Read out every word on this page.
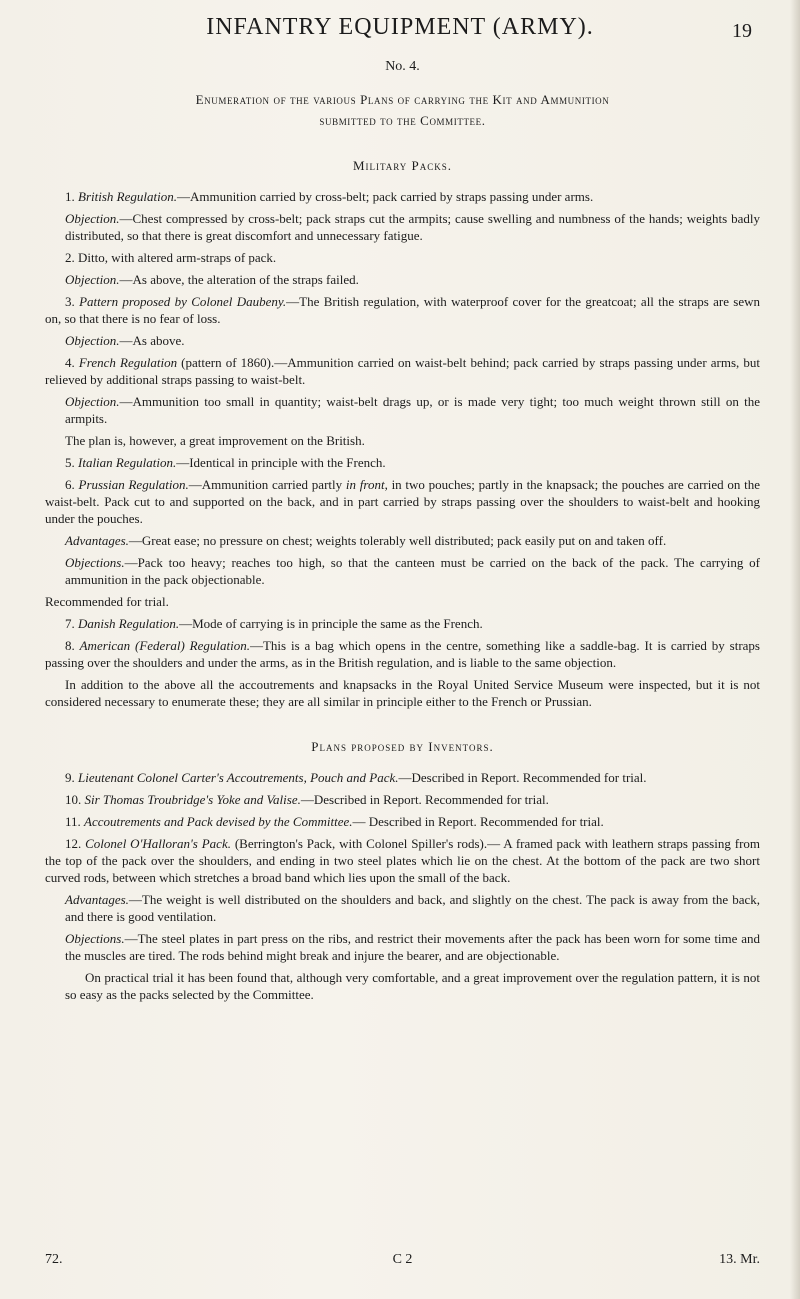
INFANTRY EQUIPMENT (ARMY).	19
No. 4.
Enumeration of the various Plans of carrying the Kit and Ammunition
submitted to the Committee.
Military Packs.

1. British Regulation.—Ammunition carried by cross-belt; pack carried by straps passing under arms.

Objection.—Chest compressed by cross-belt; pack straps cut the armpits; cause swelling and numbness of the hands; weights badly distributed, so that there is great discomfort and unnecessary fatigue.

2. Ditto, with altered arm-straps of pack.

Objection.—As above, the alteration of the straps failed.

3. Pattern proposed by Colonel Daubeny.—The British regulation, with waterproof cover for the greatcoat; all the straps are sewn on, so that there is no fear of loss.

Objection.—As above.

4. French Regulation (pattern of 1860).—Ammunition carried on waist-belt behind; pack carried by straps passing under arms, but relieved by additional straps passing to waist-belt.

Objection.—Ammunition too small in quantity; waist-belt drags up, or is made very tight; too much weight thrown still on the armpits.

The plan is, however, a great improvement on the British.

5. Italian Regulation.—Identical in principle with the French.

6. Prussian Regulation.—Ammunition carried partly in front, in two pouches; partly in the knapsack; the pouches are carried on the waist-belt. Pack cut to and supported on the back, and in part carried by straps passing over the shoulders to waist-belt and hooking under the pouches.

Advantages.—Great ease; no pressure on chest; weights tolerably well distributed; pack easily put on and taken off.

Objections.—Pack too heavy; reaches too high, so that the canteen must be carried on the back of the pack. The carrying of ammunition in the pack objectionable.

Recommended for trial.

7. Danish Regulation.—Mode of carrying is in principle the same as the French.

8. American (Federal) Regulation.—This is a bag which opens in the centre, something like a saddle-bag. It is carried by straps passing over the shoulders and under the arms, as in the British regulation, and is liable to the same objection.

In addition to the above all the accoutrements and knapsacks in the Royal United Service Museum were inspected, but it is not considered necessary to enumerate these; they are all similar in principle either to the French or Prussian.

Plans proposed by Inventors.

9. Lieutenant Colonel Carter's Accoutrements, Pouch and Pack.—Described in Report. Recommended for trial.

10. Sir Thomas Troubridge's Yoke and Valise.—Described in Report. Recommended for trial.

11. Accoutrements and Pack devised by the Committee.— Described in Report. Recommended for trial.

12. Colonel O'Halloran's Pack. (Berrington's Pack, with Colonel Spiller's rods).— A framed pack with leathern straps passing from the top of the pack over the shoulders, and ending in two steel plates which lie on the chest. At the bottom of the pack are two short curved rods, between which stretches a broad band which lies upon the small of the back.

Advantages.—The weight is well distributed on the shoulders and back, and slightly on the chest. The pack is away from the back, and there is good ventilation.

Objections.—The steel plates in part press on the ribs, and restrict their movements after the pack has been worn for some time and the muscles are tired. The rods behind might break and injure the bearer, and are objectionable.

On practical trial it has been found that, although very comfortable, and a great improvement over the regulation pattern, it is not so easy as the packs selected by the Committee.

72.	C 2	13. Mr.
